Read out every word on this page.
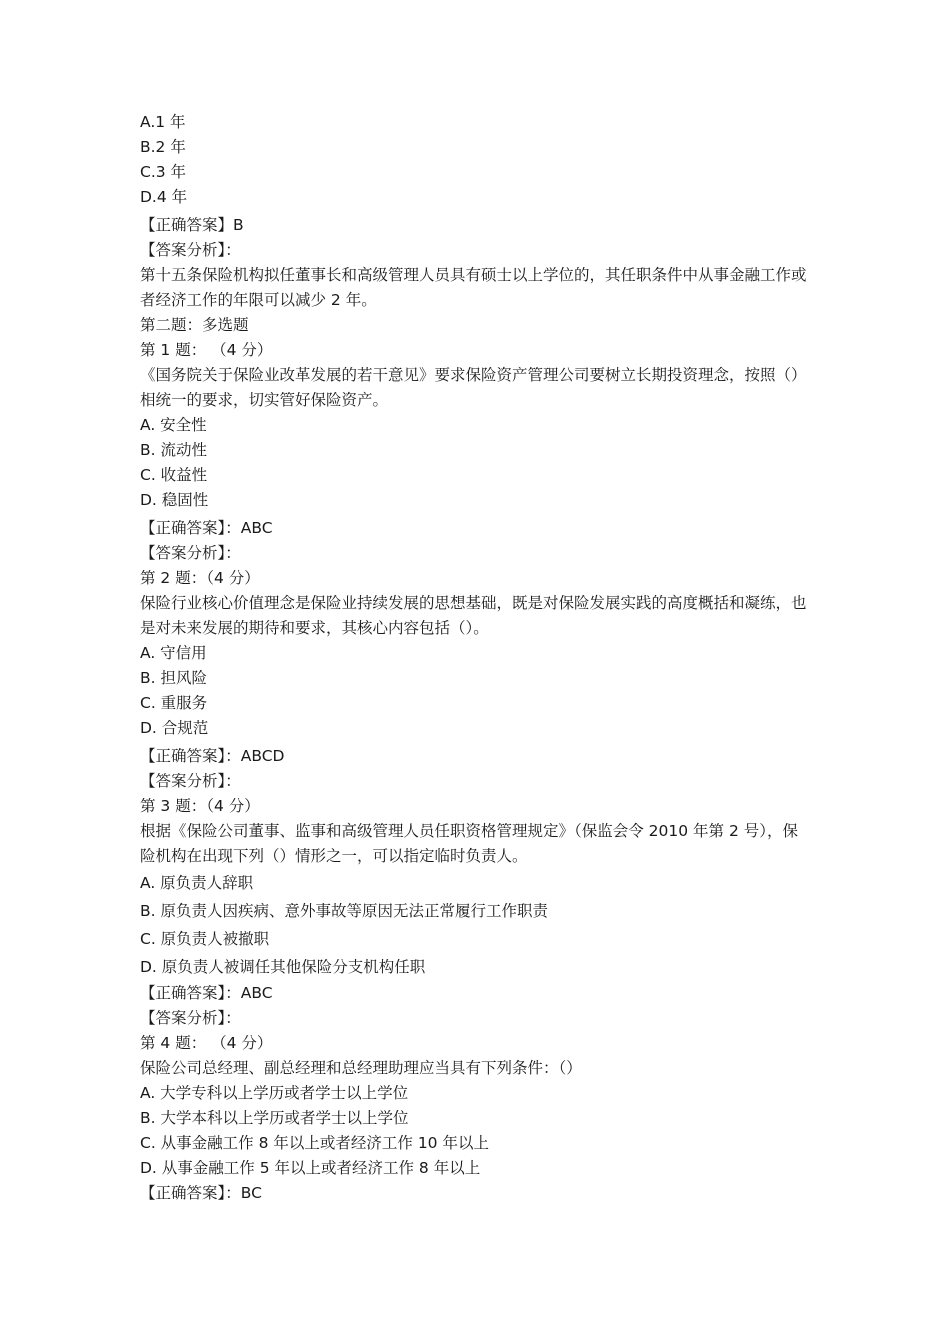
A.1 年
B.2 年
C.3 年
D.4 年
【正确答案】B
【答案分析】：
第十五条保险机构拟任董事长和高级管理人员具有硕士以上学位的，其任职条件中从事金融工作或者经济工作的年限可以减少 2 年。
第二题：多选题
第 1 题： （4 分）
《国务院关于保险业改革发展的若干意见》要求保险资产管理公司要树立长期投资理念，按照（）相统一的要求，切实管好保险资产。
A. 安全性
B. 流动性
C. 收益性
D. 稳固性
【正确答案】：ABC
【答案分析】：
第 2 题：（4 分）
保险行业核心价值理念是保险业持续发展的思想基础，既是对保险发展实践的高度概括和凝练，也是对未来发展的期待和要求，其核心内容包括（）。
A. 守信用
B. 担风险
C. 重服务
D. 合规范
【正确答案】：ABCD
【答案分析】：
第 3 题：（4 分）
根据《保险公司董事、监事和高级管理人员任职资格管理规定》（保监会令 2010 年第 2 号），保险机构在出现下列（）情形之一，可以指定临时负责人。
A. 原负责人辞职
B. 原负责人因疾病、意外事故等原因无法正常履行工作职责
C. 原负责人被撤职
D. 原负责人被调任其他保险分支机构任职
【正确答案】：ABC
【答案分析】：
第 4 题： （4 分）
保险公司总经理、副总经理和总经理助理应当具有下列条件：（）
A. 大学专科以上学历或者学士以上学位
B. 大学本科以上学历或者学士以上学位
C. 从事金融工作 8 年以上或者经济工作 10 年以上
D. 从事金融工作 5 年以上或者经济工作 8 年以上
【正确答案】：BC
